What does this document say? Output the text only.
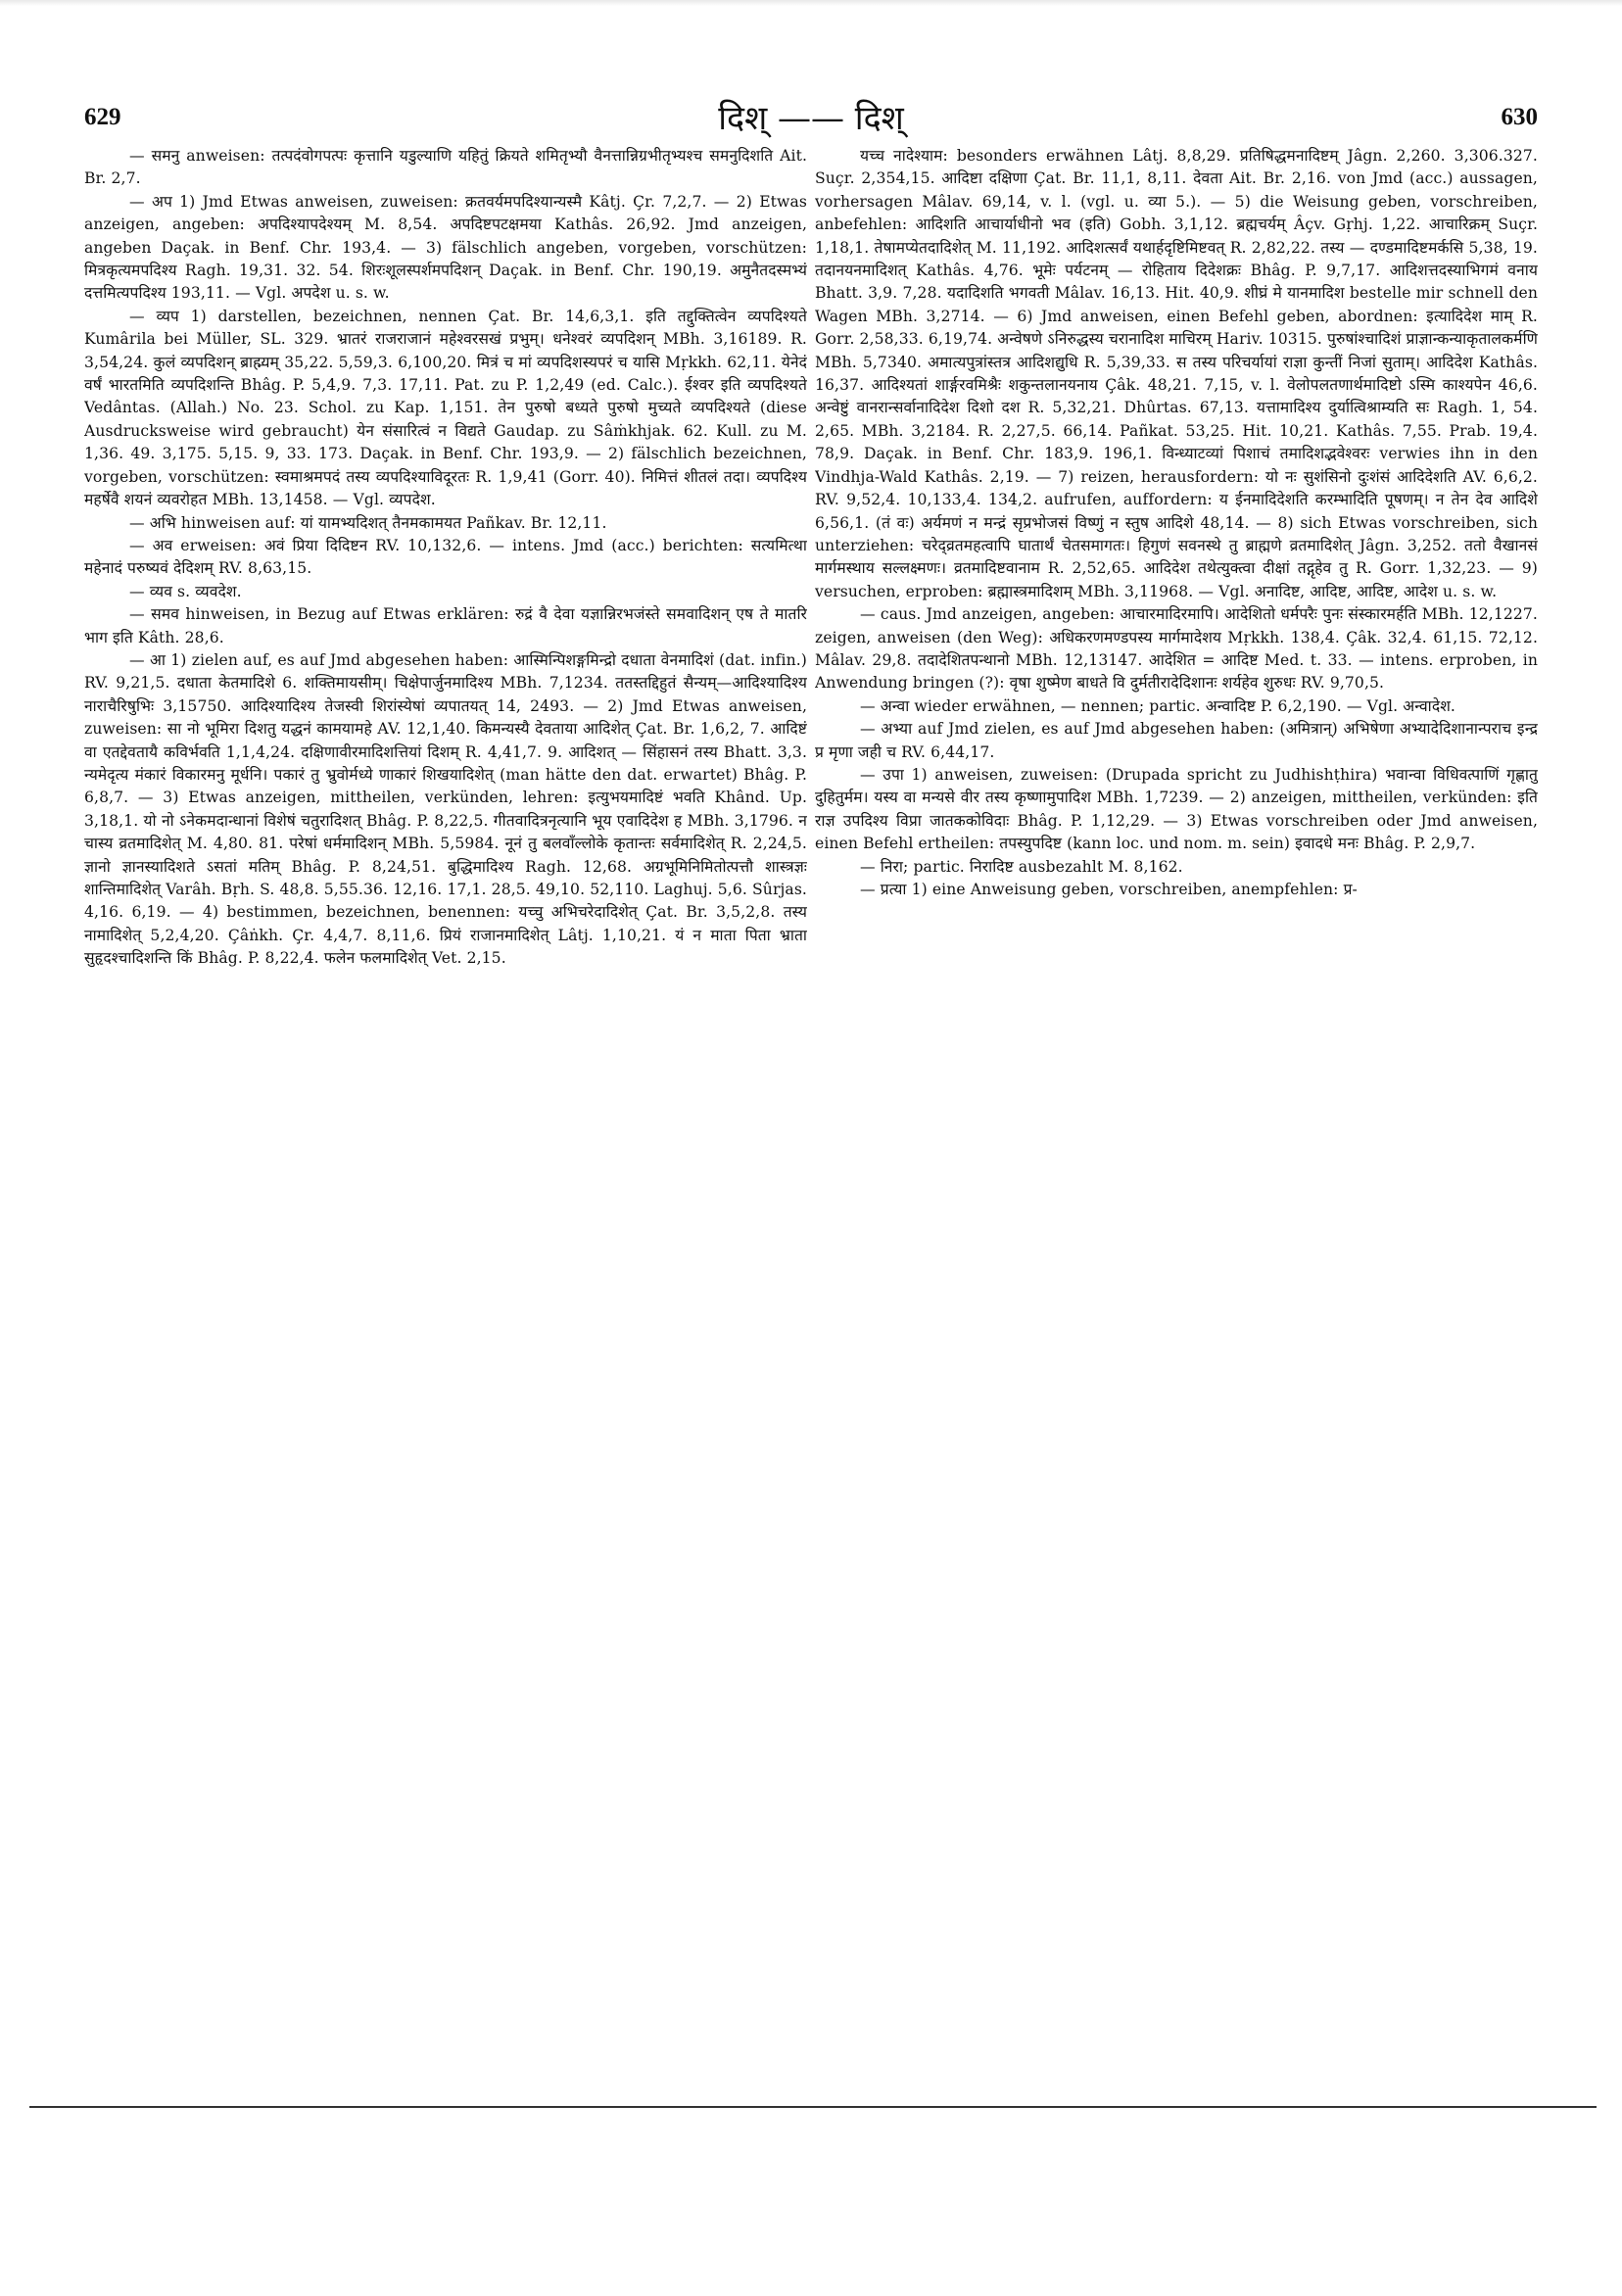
629	दिश् —— दिश्	630

— समनु anweisen: तत्पदंवोगपत्पः कृत्तानि यडुल्याणि यहितुं क्रियते शमितृभ्यौ वैनत्तान्निग्रभीतृभ्यश्च समनुदिशति Ait. Br. 2,7.

— अप 1) Jmd Etwas anweisen, zuweisen: क्रतवर्यमपदिश्यान्यस्मै Kâtj. Çr. 7,2,7. — 2) Etwas anzeigen, angeben: अपदिश्यापदेश्यम् M. 8,54. अपदिष्टपटक्षमया Kathâs. 26,92. Jmd anzeigen, angeben Daçak. in Benf. Chr. 193,4. — 3) fälschlich angeben, vorgeben, vorschützen: मित्रकृत्यमपदिश्य Ragh. 19,31. 32. 54. शिरःशूलस्पर्शमपदिशन् Daçak. in Benf. Chr. 190,19. अमुनैतदस्मभ्यं दत्तमित्यपदिश्य 193,11. — Vgl. अपदेश u. s. w.

— व्यप 1) darstellen, bezeichnen, nennen Çat. Br. 14,6,3,1. इति तद्दुक्तित्वेन व्यपदिश्यते Kumârila bei Müller, SL. 329. भ्रातरं राजराजानं महेश्वरसखं प्रभुम्। धनेश्वरं व्यपदिशन् MBh. 3,16189. R. 3,54,24. कुलं व्यपदिशन् ब्राह्म्यम् 35,22. 5,59,3. 6,100,20. मित्रं च मां व्यपदिशस्यपरं च यासि Mṛkkh. 62,11. येनेदं वर्षं भारतमिति व्यपदिशन्ति Bhâg. P. 5,4,9. 7,3. 17,11. Pat. zu P. 1,2,49 (ed. Calc.). ईश्वर इति व्यपदिश्यते Vedântas. (Allah.) No. 23. Schol. zu Kap. 1,151. तेन पुरुषो बध्यते पुरुषो मुच्यते व्यपदिश्यते (diese Ausdrucksweise wird gebraucht) येन संसारित्वं न विद्यते Gaudap. zu Sâṁkhjak. 62. Kull. zu M. 1,36. 49. 3,175. 5,15. 9, 33. 173. Daçak. in Benf. Chr. 193,9. — 2) fälschlich bezeichnen, vorgeben, vorschützen: स्वमाश्रमपदं तस्य व्यपदिश्याविदूरतः R. 1,9,41 (Gorr. 40). निमित्तं शीतलं तदा। व्यपदिश्य महर्षेवै शयनं व्यवरोहत MBh. 13,1458. — Vgl. व्यपदेश.

— अभि hinweisen auf: यां यामभ्यदिशत् तैनमकामयत Pañkav. Br. 12,11.

— अव erweisen: अवं प्रिया दिदिष्टन RV. 10,132,6. — intens. Jmd (acc.) berichten: सत्यमित्था महेनादं परुष्यवं देदिशम् RV. 8,63,15.

— व्यव s. व्यवदेश.

— समव hinweisen, in Bezug auf Etwas erklären: रुद्रं वै देवा यज्ञान्निरभजंस्ते समवादिशन् एष ते मातरि भाग इति Kâth. 28,6.

— आ 1) zielen auf, es auf Jmd abgesehen haben: आस्मिन्पिशङ्गमिन्द्रो दधाता वेनमादिशं (dat. infin.) RV. 9,21,5. दधाता केतमादिशे 6. शक्तिमायसीम्। चिक्षेपार्जुनमादिश्य MBh. 7,1234. ततस्तद्दिहुतं सैन्यम्—आदिश्यादिश्य नाराचैरिषुभिः 3,15750. आदिश्यादिश्य तेजस्वी शिरांस्येषां व्यपातयत् 14, 2493. — 2) Jmd Etwas anweisen, zuweisen: सा नो भूमिरा दिशतु यद्धनं कामयामहे AV. 12,1,40. किमन्यस्यै देवताया आदिशेत् Çat. Br. 1,6,2, 7. आदिष्टं वा एतद्देवतायै कविर्भवति 1,1,4,24. दक्षिणावीरमादिशत्तियां दिशम् R. 4,41,7. 9. आदिशत् — सिंहासनं तस्य Bhatt. 3,3. न्यमेदृत्य मंकारं विकारमनु मूर्धनि। पकारं तु भ्रुवोर्मध्ये णाकारं शिखयादिशेत् (man hätte den dat. erwartet) Bhâg. P. 6,8,7. — 3) Etwas anzeigen, mittheilen, verkünden, lehren: इत्युभयमादिष्टं भवति Khând. Up. 3,18,1. यो नो ऽनेकमदान्धानां विशेषं चतुरादिशत् Bhâg. P. 8,22,5. गीतवादित्रनृत्यानि भूय एवादिदेश ह MBh. 3,1796. न चास्य व्रतमादिशेत् M. 4,80. 81. परेषां धर्ममादिशन् MBh. 5,5984. नूनं तु बलवाँल्लोके कृतान्तः सर्वमादिशेत् R. 2,24,5. ज्ञानो ज्ञानस्यादिशते ऽसतां मतिम् Bhâg. P. 8,24,51. बुद्धिमादिश्य Ragh. 12,68. अग्रभूमिनिमितोत्पत्तौ शास्त्रज्ञः शान्तिमादिशेत् Varâh. Bṛh. S. 48,8. 5,55.36. 12,16. 17,1. 28,5. 49,10. 52,110. Laghuj. 5,6. Sûrjas. 4,16. 6,19. — 4) bestimmen, bezeichnen, benennen: यच्चु अभिचरेदादिशेत् Çat. Br. 3,5,2,8. तस्य नामादिशेत् 5,2,4,20. Çâṅkh. Çr. 4,4,7. 8,11,6. प्रियं राजानमादिशेत् Lâtj. 1,10,21. यं न माता पिता भ्राता सुहृदश्चादिशन्ति किं Bhâg. P. 8,22,4. फलेन फलमादिशेत् Vet. 2,15.

यच्च नादेश्याम: besonders erwähnen Lâtj. 8,8,29. प्रतिषिद्धमनादिष्टम् Jâgn. 2,260. 3,306.327. Suçr. 2,354,15. आदिष्टा दक्षिणा Çat. Br. 11,1, 8,11. देवता Ait. Br. 2,16. von Jmd (acc.) aussagen, vorhersagen Mâlav. 69,14, v. l. (vgl. u. व्या 5.). — 5) die Weisung geben, vorschreiben, anbefehlen: आदिशति आचार्याधीनो भव (इति) Gobh. 3,1,12. ब्रह्मचर्यम् Âçv. Gṛhj. 1,22. आचारिक्रम् Suçr. 1,18,1. तेषामप्येतदादिशेत् M. 11,192. आदिशत्सर्वं यथार्हदृष्टिमिष्टवत् R. 2,82,22. तस्य — दण्डमादिष्टमर्कसि 5,38, 19. तदानयनमादिशत् Kathâs. 4,76. भूमेः पर्यटनम् — रोहिताय दिदेशक्रः Bhâg. P. 9,7,17. आदिशत्तदस्याभिगमं वनाय Bhatt. 3,9. 7,28. यदादिशति भगवती Mâlav. 16,13. Hit. 40,9. शीघ्रं मे यानमादिश bestelle mir schnell den Wagen MBh. 3,2714. — 6) Jmd anweisen, einen Befehl geben, abordnen: इत्यादिदेश माम् R. Gorr. 2,58,33. 6,19,74. अन्वेषणे ऽनिरुद्धस्य चरानादिश माचिरम् Hariv. 10315. पुरुषांश्चादिशं प्राज्ञान्कन्याकृतालकर्मणि MBh. 5,7340. अमात्यपुत्रांस्तत्र आदिशद्युधि R. 5,39,33. स तस्य परिचर्यायां राज्ञा कुन्तीं निजां सुताम्। आदिदेश Kathâs. 16,37. आदिश्यतां शार्ङ्गरवमिश्रैः शकुन्तलानयनाय Çâk. 48,21. 7,15, v. l. वेलोपलतणार्थमादिष्टो ऽस्मि काश्यपेन 46,6. अन्वेष्टुं वानरान्सर्वानादिदेश दिशो दश R. 5,32,21. Dhûrtas. 67,13. यत्तामादिश्य दुर्यात्विश्राम्यति सः Ragh. 1, 54. 2,65. MBh. 3,2184. R. 2,27,5. 66,14. Pañkat. 53,25. Hit. 10,21. Kathâs. 7,55. Prab. 19,4. 78,9. Daçak. in Benf. Chr. 183,9. 196,1. विन्ध्याटव्यां पिशाचं तमादिशद्भवेश्वरः verwies ihn in den Vindhja-Wald Kathâs. 2,19. — 7) reizen, herausfordern: यो नः सुशंसिनो दुःशंसं आदिदेशति AV. 6,6,2. RV. 9,52,4. 10,133,4. 134,2. aufrufen, auffordern: य ईनमादिदेशति करम्भादिति पूषणम्। न तेन देव आदिशे 6,56,1. (तं वः) अर्यमणं न मन्द्रं सृप्रभोजसं विष्णुं न स्तुष आदिशे 48,14. — 8) sich Etwas vorschreiben, sich unterziehen: चरेद्व्रतमहत्वापि घातार्थं चेतसमागतः। हिगुणं सवनस्थे तु ब्राह्मणे व्रतमादिशेत् Jâgn. 3,252. ततो वैखानसं मार्गमस्थाय सल्लक्ष्मणः। व्रतमादिष्टवानाम R. 2,52,65. आदिदेश तथेत्युक्त्वा दीक्षां तद्गृहेव तु R. Gorr. 1,32,23. — 9) versuchen, erproben: ब्रह्मास्त्रमादिशम् MBh. 3,11968. — Vgl. अनादिष्ट, आदिष्ट, आदिष्ट, आदेश u. s. w.

— caus. Jmd anzeigen, angeben: आचारमादिरमापि। आदेशितो धर्मपरैः पुनः संस्कारमर्हति MBh. 12,1227. zeigen, anweisen (den Weg): अधिकरणमण्डपस्य मार्गमादेशय Mṛkkh. 138,4. Çâk. 32,4. 61,15. 72,12. Mâlav. 29,8. तदादेशितपन्थानो MBh. 12,13147. आदेशित = आदिष्ट Med. t. 33. — intens. erproben, in Anwendung bringen (?): वृषा शुष्मेण बाधते वि दुर्मतीरादेदिशानः शर्यहेव शुरुधः RV. 9,70,5.

— अन्वा wieder erwähnen, — nennen; partic. अन्वादिष्ट P. 6,2,190. — Vgl. अन्वादेश.

— अभ्या auf Jmd zielen, es auf Jmd abgesehen haben: (अमित्रान्) अभिषेणा अभ्यादेदिशानान्पराच इन्द्र प्र मृणा जही च RV. 6,44,17.

— उपा 1) anweisen, zuweisen: (Drupada spricht zu Judhishṭhira) भवान्वा विधिवत्पाणिं गृह्णातु दुहितुर्मम। यस्य वा मन्यसे वीर तस्य कृष्णामुपादिश MBh. 1,7239. — 2) anzeigen, mittheilen, verkünden: इति राज्ञ उपदिश्य विप्रा जातककोविदाः Bhâg. P. 1,12,29. — 3) Etwas vorschreiben oder Jmd anweisen, einen Befehl ertheilen: तपस्युपदिष्ट (kann loc. und nom. m. sein) इवादधे मनः Bhâg. P. 2,9,7.

— निरा; partic. निरादिष्ट ausbezahlt M. 8,162.

— प्रत्या 1) eine Anweisung geben, vorschreiben, anempfehlen: प्र-
